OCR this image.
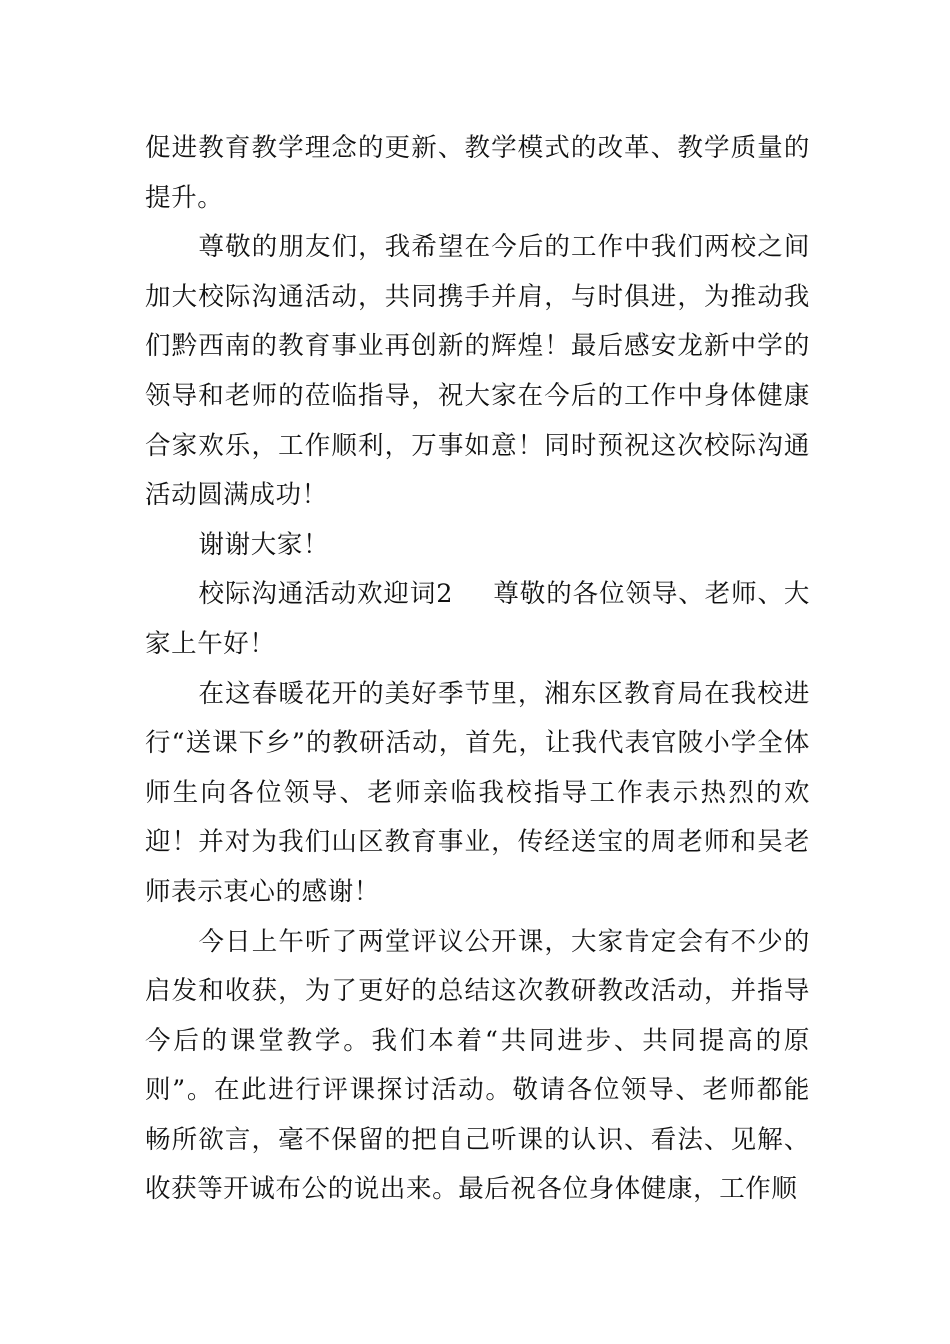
促进教育教学理念的更新、教学模式的改革、教学质量的提升。

尊敬的朋友们，我希望在今后的工作中我们两校之间加大校际沟通活动，共同携手并肩，与时俱进，为推动我们黔西南的教育事业再创新的辉煌！最后感安龙新中学的领导和老师的莅临指导，祝大家在今后的工作中身体健康合家欢乐，工作顺利，万事如意！同时预祝这次校际沟通活动圆满成功！

谢谢大家！

校际沟通活动欢迎词2 尊敬的各位领导、老师、大家上午好！

在这春暖花开的美好季节里，湘东区教育局在我校进行“送课下乡”的教研活动，首先，让我代表官陂小学全体师生向各位领导、老师亲临我校指导工作表示热烈的欢迎！并对为我们山区教育事业，传经送宝的周老师和吴老师表示衷心的感谢！

今日上午听了两堂评议公开课，大家肯定会有不少的启发和收获，为了更好的总结这次教研教改活动，并指导今后的课堂教学。我们本着“共同进步、共同提高的原则”。在此进行评课探讨活动。敬请各位领导、老师都能畅所欲言，毫不保留的把自己听课的认识、看法、见解、收获等开诚布公的说出来。最后祝各位身体健康，工作顺
